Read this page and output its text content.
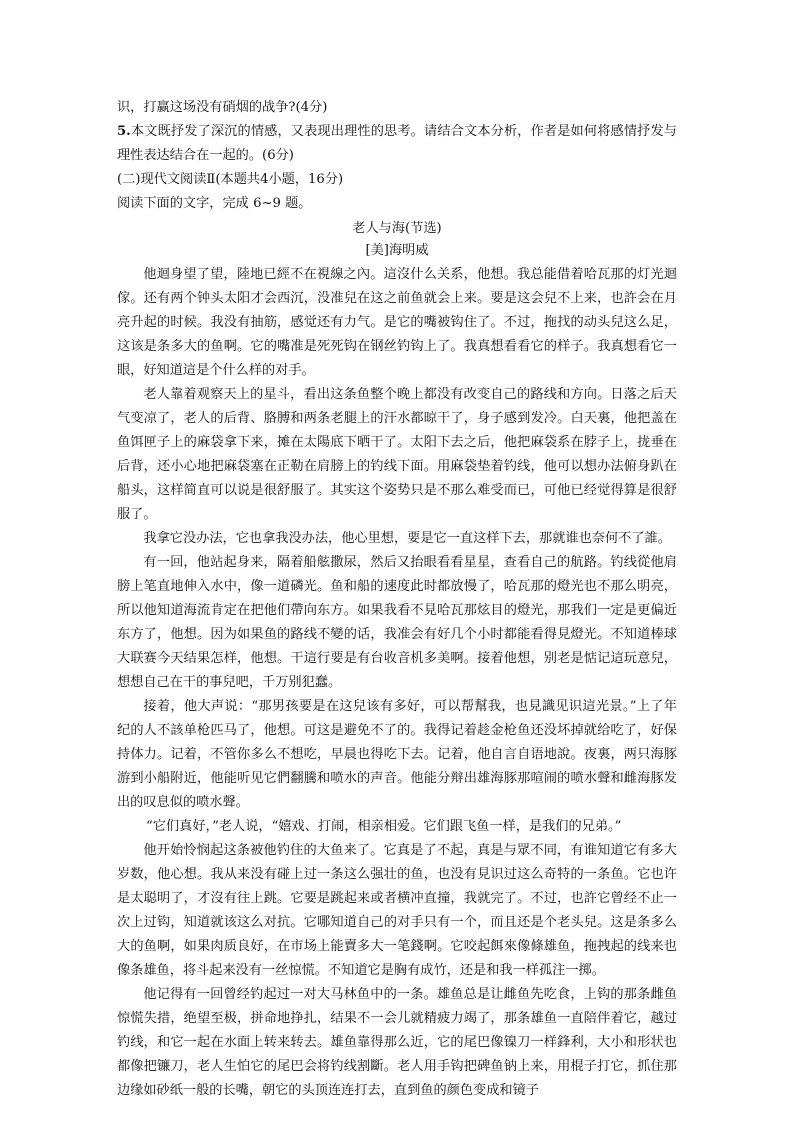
识，打赢这场没有硝烟的战争?(4分)

5.本文既抒发了深沉的情感，又表现出理性的思考。请结合文本分析，作者是如何将感情抒发与理性表达结合在一起的。(6分)

(二)现代文阅读Ⅱ(本题共4小题，16分)

阅读下面的文字，完成 6~9 题。

老人与海(节选)

[美]海明威

他迴身望了望，陸地已經不在視線之內。這沒什么关系，他想。我总能借着哈瓦那的灯光迴傢。还有两个钟头太阳才会西沉，没准兒在这之前鱼就会上来。要是这会兒不上来，也許会在月亮升起的时候。我没有抽筋，感觉还有力气。是它的嘴被钩住了。不过，拖找的动头兒这么足，这该是条多大的鱼啊。它的嘴准是死死钩在钢丝钓钩上了。我真想看看它的样子。我真想看它一眼，好知道這是个什么样的对手。

老人靠着观察天上的星斗，看出这条鱼整个晚上都没有改变自己的路线和方向。日落之后天气变凉了，老人的后背、胳膊和两条老腿上的汗水都晾干了，身子感到发冷。白天裏，他把盖在鱼饵匣子上的麻袋拿下来，摊在太陽底下晒干了。太阳下去之后，他把麻袋系在脖子上，拢垂在后背，还小心地把麻袋塞在正勒在肩膀上的钓线下面。用麻袋垫着钓线，他可以想办法俯身趴在船头，这样简直可以说是很舒服了。其实这个姿势只是不那么难受而已，可他已经觉得算是很舒服了。

我拿它没办法，它也拿我没办法，他心里想，要是它一直这样下去，那就谁也奈何不了誰。

有一回，他站起身来，隔着船舷撒尿，然后又抬眼看看星星，查看自己的航路。钓线從他肩膀上笔直地伸入水中，像一道磷光。鱼和船的速度此时都放慢了，哈瓦那的燈光也不那么明亮，所以他知道海流肯定在把他们帶向东方。如果我看不見哈瓦那炫目的燈光，那我们一定是更偏近东方了，他想。因为如果鱼的路线不變的话，我准会有好几个小时都能看得見燈光。不知道棒球大联赛今天结果怎样，他想。干這行要是有台收音机多美啊。接着他想，别老是惦记這玩意兒，想想自己在干的事兒吧，千万别犯蠢。

接着，他大声说：“那男孩要是在这兒该有多好，可以帮幫我，也見識见识這光景。”上了年纪的人不該单枪匹马了，他想。可这是避免不了的。我得记着趁金枪鱼还没坏掉就给吃了，好保持体力。记着，不管你多么不想吃，早晨也得吃下去。记着，他自言自语地說。夜裏，两只海豚游到小船附近，他能听见它們翻騰和喷水的声音。他能分辩出雄海豚那喧闹的喷水聲和雌海豚发出的叹息似的喷水聲。

“它们真好，”老人说，“嬉戏、打闹，相亲相爱。它们跟飞鱼一样，是我们的兄弟。”

他开始怜悯起这条被他钓住的大鱼来了。它真是了不起，真是与眾不同，有谁知道它有多大岁数，他心想。我从来没有碰上过一条这么强壮的鱼，也没有見识过这么奇特的一条鱼。它也许是太聪明了，才沒有往上跳。它要是跳起来或者横冲直撞，我就完了。不过，也許它曾经不止一次上过钩，知道就该这么对抗。它哪知道自己的对手只有一个，而且还是个老头兒。这是条多么大的鱼啊，如果肉质良好，在市场上能賣多大一笔錢啊。它咬起餌來像條雄鱼，拖拽起的线来也像条雄鱼，将斗起来没有一丝惊慌。不知道它是胸有成竹，还是和我一样孤注一掷。

他记得有一回曾经钓起过一对大马林鱼中的一条。雄鱼总是让雌鱼先吃食，上钩的那条雌鱼惊慌失措，绝望至极，拼命地挣扎，结果不一会儿就精疲力竭了，那条雄鱼一直陪伴着它，越过钓线，和它一起在水面上转来转去。雄鱼靠得那么近，它的尾巴像镍刀一样鋒利，大小和形状也都像把镰刀，老人生怕它的尾巴会将钓线割斷。老人用手钩把碑鱼钠上来，用棍子打它，抓住那边缘如砂纸一般的长嘴，朝它的头顶连连打去，直到鱼的颜色变成和镜子
